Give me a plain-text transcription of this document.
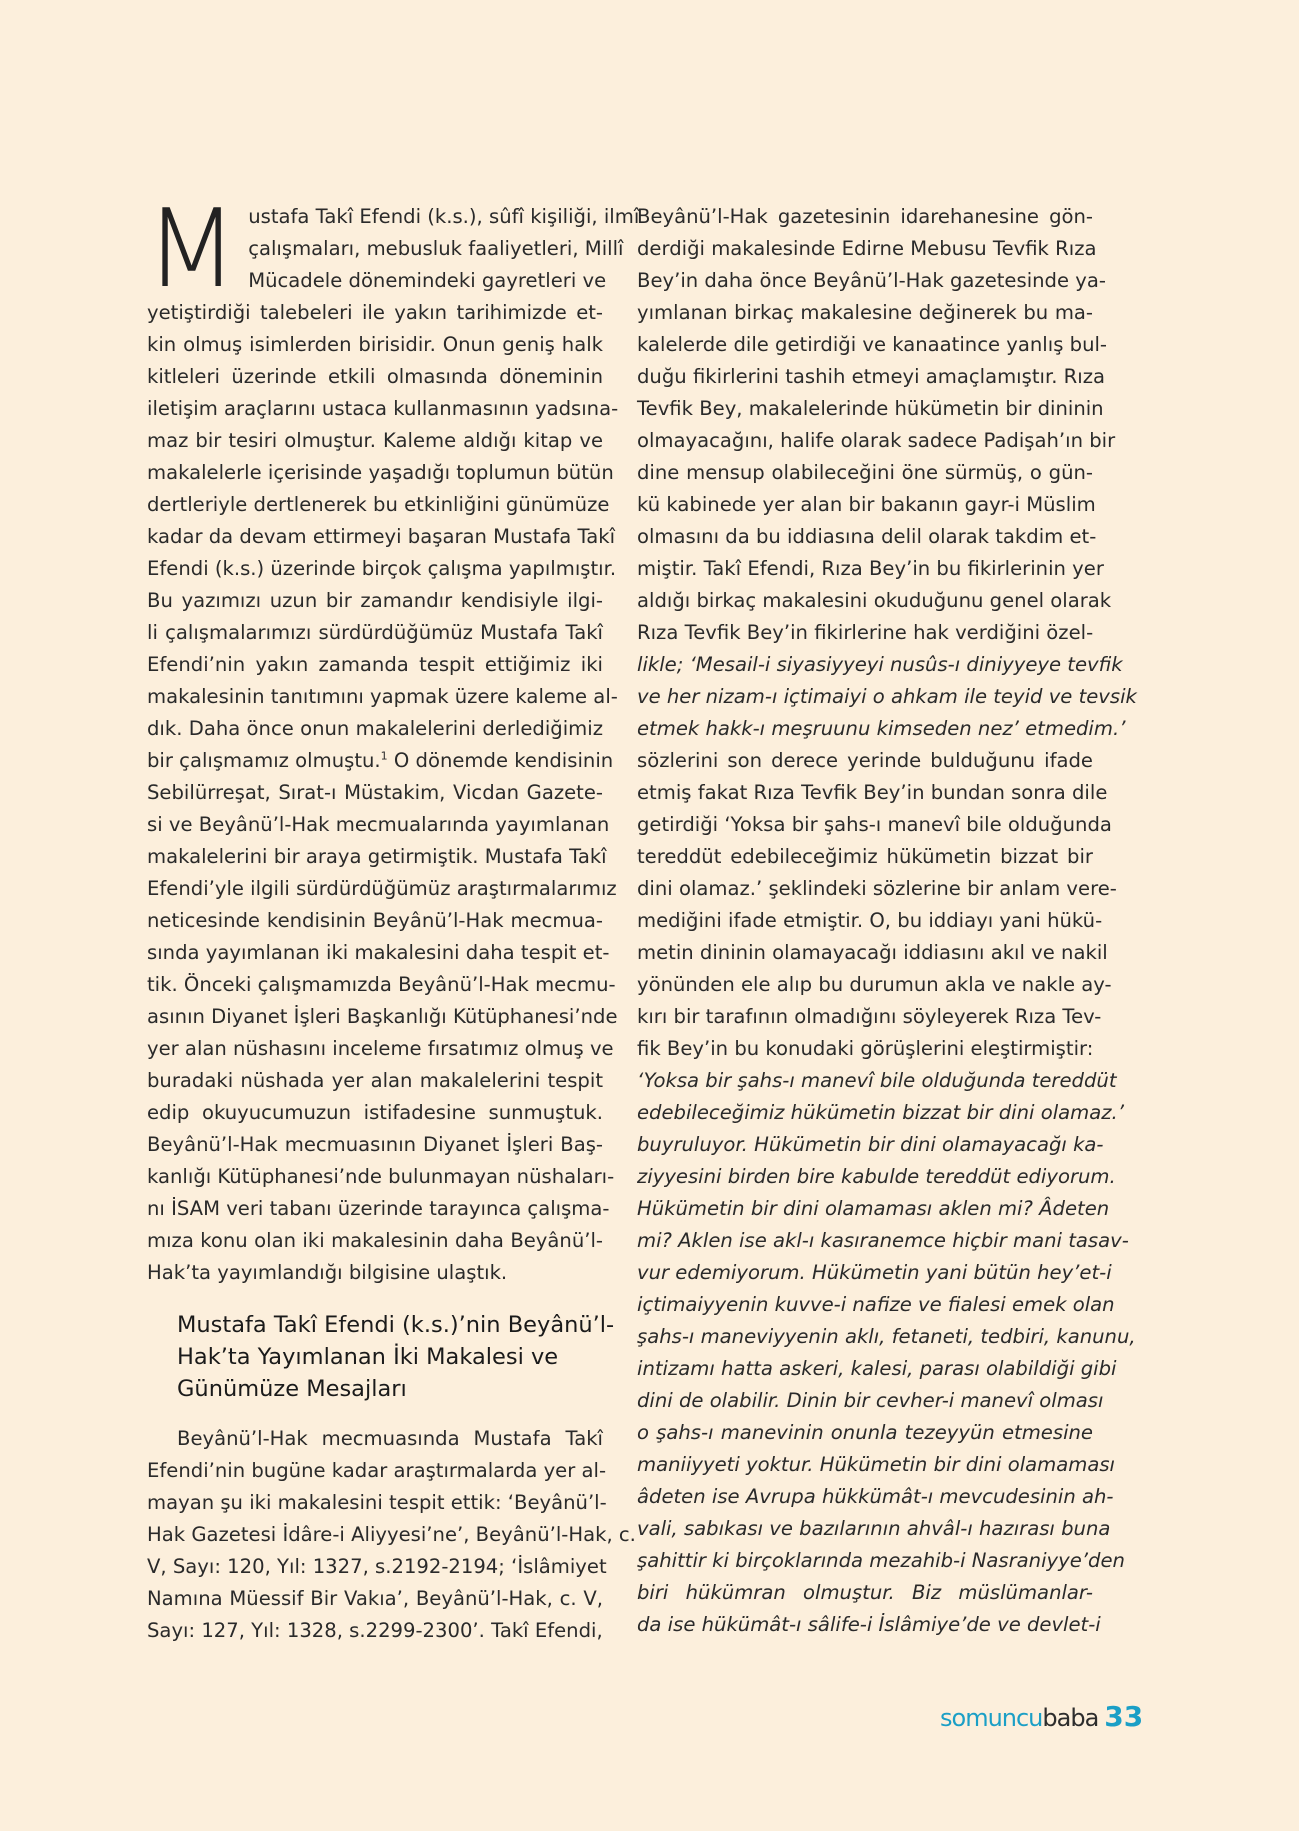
M ustafa Takî Efendi (k.s.), sûfî kişiliği, ilmî
çalışmaları, mebusluk faaliyetleri, Millî
Mücadele dönemindeki gayretleri ve
yetiştirdiği talebeleri ile yakın tarihimizde et-
kin olmuş isimlerden birisidir. Onun geniş halk
kitleleri üzerinde etkili olmasında döneminin
iletişim araçlarını ustaca kullanmasının yadsına-
maz bir tesiri olmuştur. Kaleme aldığı kitap ve
makalelerle içerisinde yaşadığı toplumun bütün
dertleriyle dertlenerek bu etkinliğini günümüze
kadar da devam ettirmeyi başaran Mustafa Takî
Efendi (k.s.) üzerinde birçok çalışma yapılmıştır.
Bu yazımızı uzun bir zamandır kendisiyle ilgi-
li çalışmalarımızı sürdürdüğümüz Mustafa Takî
Efendi’nin yakın zamanda tespit ettiğimiz iki
makalesinin tanıtımını yapmak üzere kaleme al-
dık. Daha önce onun makalelerini derlediğimiz
bir çalışmamız olmuştu.$^1$ O dönemde kendisinin
Sebilürreşat, Sırat-ı Müstakim, Vicdan Gazete-
si ve Beyânü’l-Hak mecmualarında yayımlanan
makalelerini bir araya getirmiştik. Mustafa Takî
Efendi’yle ilgili sürdürdüğümüz araştırmalarımız
neticesinde kendisinin Beyânü’l-Hak mecmua-
sında yayımlanan iki makalesini daha tespit et-
tik. Önceki çalışmamızda Beyânü’l-Hak mecmu-
asının Diyanet İşleri Başkanlığı Kütüphanesi’nde
yer alan nüshasını inceleme fırsatımız olmuş ve
buradaki nüshada yer alan makalelerini tespit
edip okuyucumuzun istifadesine sunmuştuk.
Beyânü’l-Hak mecmuasının Diyanet İşleri Baş-
kanlığı Kütüphanesi’nde bulunmayan nüshaları-
nı İSAM veri tabanı üzerinde tarayınca çalışma-
mıza konu olan iki makalesinin daha Beyânü’l-
Hak’ta yayımlandığı bilgisine ulaştık.
Mustafa Takî Efendi (k.s.)’nin Beyânü’l-
Hak’ta Yayımlanan İki Makalesi ve
Günümüze Mesajları
Beyânü’l-Hak mecmuasında Mustafa Takî
Efendi’nin bugüne kadar araştırmalarda yer al-
mayan şu iki makalesini tespit ettik: ‘Beyânü’l-
Hak Gazetesi İdâre-i Aliyyesi’ne’, Beyânü’l-Hak, c.
V, Sayı: 120, Yıl: 1327, s.2192-2194; ‘İslâmiyet
Namına Müessif Bir Vakıa’, Beyânü’l-Hak, c. V,
Sayı: 127, Yıl: 1328, s.2299-2300’. Takî Efendi,
Beyânü’l-Hak gazetesinin idarehanesine gön-
derdiği makalesinde Edirne Mebusu Tevfik Rıza
Bey’in daha önce Beyânü’l-Hak gazetesinde ya-
yımlanan birkaç makalesine değinerek bu ma-
kalelerde dile getirdiği ve kanaatince yanlış bul-
duğu fikirlerini tashih etmeyi amaçlamıştır. Rıza
Tevfik Bey, makalelerinde hükümetin bir dininin
olmayacağını, halife olarak sadece Padişah’ın bir
dine mensup olabileceğini öne sürmüş, o gün-
kü kabinede yer alan bir bakanın gayr-i Müslim
olmasını da bu iddiasına delil olarak takdim et-
miştir. Takî Efendi, Rıza Bey’in bu fikirlerinin yer
aldığı birkaç makalesini okuduğunu genel olarak
Rıza Tevfik Bey’in fikirlerine hak verdiğini özel-
likle; ‘Mesail-i siyasiyyeyi nusûs-ı diniyyeye tevfik
ve her nizam-ı içtimaiyi o ahkam ile teyid ve tevsik
etmek hakk-ı meşruunu kimseden nez’ etmedim.’
sözlerini son derece yerinde bulduğunu ifade
etmiş fakat Rıza Tevfik Bey’in bundan sonra dile
getirdiği ‘Yoksa bir şahs-ı manevî bile olduğunda
tereddüt edebileceğimiz hükümetin bizzat bir
dini olamaz.’ şeklindeki sözlerine bir anlam vere-
mediğini ifade etmiştir. O, bu iddiayı yani hükü-
metin dininin olamayacağı iddiasını akıl ve nakil
yönünden ele alıp bu durumun akla ve nakle ay-
kırı bir tarafının olmadığını söyleyerek Rıza Tev-
fik Bey’in bu konudaki görüşlerini eleştirmiştir:
‘Yoksa bir şahs-ı manevî bile olduğunda tereddüt
edebileceğimiz hükümetin bizzat bir dini olamaz.’
buyruluyor. Hükümetin bir dini olamayacağı ka-
ziyyesini birden bire kabulde tereddüt ediyorum.
Hükümetin bir dini olamaması aklen mi? Âdeten
mi? Aklen ise akl-ı kasıranemce hiçbir mani tasav-
vur edemiyorum. Hükümetin yani bütün hey’et-i
içtimaiyyenin kuvve-i nafize ve fialesi emek olan
şahs-ı maneviyyenin aklı, fetaneti, tedbiri, kanunu,
intizamı hatta askeri, kalesi, parası olabildiği gibi
dini de olabilir. Dinin bir cevher-i manevî olması
o şahs-ı manevinin onunla tezeyyün etmesine
maniiyyeti yoktur. Hükümetin bir dini olamaması
âdeten ise Avrupa hükkümât-ı mevcudesinin ah-
vali, sabıkası ve bazılarının ahvâl-ı hazırası buna
şahittir ki birçoklarında mezahib-i Nasraniyye’den
biri hükümran olmuştur. Biz müslümanlar-
da ise hükümât-ı sâlife-i İslâmiye’de ve devlet-i
somuncubaba 33
